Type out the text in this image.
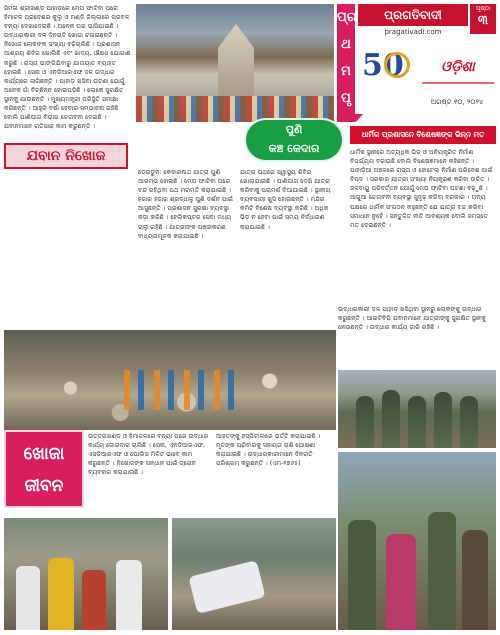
ସିମଳା ଶ୍ରୀଖଣ୍ଡ ପାହାଡ଼ରେ ମେଘ ଫାଟିବା ପରେ ହିମାଚଳ ପ୍ରଦେଶର କୁଲୁ ଓ ମଣ୍ଡି ଜିଲ୍ଲାରେ ପ୍ରବଳ ବନ୍ୟା ଦେଖାଦେଇଛି । ଅନେକ ଘର ଭାସିଯାଇଛି । ଉଦ୍ଧାରକାରୀ ଦଳ ଦିନରାତି ଖୋଜା ଚଳାଇଛନ୍ତି । ନିଖୋଜ ଲୋକଙ୍କ ସଂଖ୍ୟା ବଢ଼ିଚାଲିଛି । ପ୍ରଶାସନ ଆଶ୍ରୟ ଶିବିର ଖୋଲିଛି ଏବଂ ଖାଦ୍ୟ, ଔଷଧ ଯୋଗାଣ କରୁଛି । ରାସ୍ତା ଭାଙ୍ଗିଯିବାରୁ ଯାତାୟାତ ବ୍ୟାହତ ହୋଇଛି । ସେନା ଓ ଏନଡିଆରଏଫ ଦଳ ଉଦ୍ଧାର କାର୍ଯ୍ୟରେ ଲାଗିଛନ୍ତି । ପାହାଡ଼ ଖସିବା ଘଟଣା ଯୋଗୁଁ ଅନେକ ଗାଁ ବିଚ୍ଛିନ୍ନ ହୋଇପଡ଼ିଛି । ଲୋକେ ସୁରକ୍ଷିତ ସ୍ଥାନକୁ ଯାଉଛନ୍ତି । ମୁଖ୍ୟମନ୍ତ୍ରୀ ପରିସ୍ଥିତି ସମୀକ୍ଷା କରିଛନ୍ତି । ଆହୁରି ବର୍ଷା ହେବାର ସମ୍ଭାବନା ରହିଛି ବୋଲି ପାଣିପାଗ ବିଭାଗ ଚେତାବନୀ ଦେଇଛି । ଯବାନମାନେ ରାତିସାରା କାମ କରୁଛନ୍ତି ।

ପ୍ର
ଥ
ମ
ପୃ
ପ୍ରଗତିବାଦୀ	ପୃଷ୍ଠା
୩
pragativadi.com
50	ଓଡ଼ିଶା
ଅଗଷ୍ଟ ୧୦, ୨୦୨୪
ଯବାନ ନିଖୋଜ
ପୁଣି
କଞ୍ଚ କେଦାର
ଧାର୍ମିକ ପ୍ରଶାସନେ ବିଶେଷଜ୍ଞଙ୍କ ଭିନ୍ନ ମତ

ଡେରାଡୁନ: କେଦାରନାଥ ଯାତ୍ରା ପୁଣି ଆରମ୍ଭ ହୋଇଛି । ମେଘ ଫାଟିବା ପରେ ବନ୍ଦ ରହିଥିବା ପଥ ମରାମତି କରାଯାଇଛି । ହଜାର ହଜାର ଶ୍ରଦ୍ଧାଳୁ ପୁଣି ଦର୍ଶନ ପାଇଁ ଆସୁଛନ୍ତି । ପ୍ରଶାସନ ସୁରକ୍ଷା ବ୍ୟବସ୍ଥା କଡ଼ା କରିଛି । ହେଲିକପ୍ଟର ସେବା ମଧ୍ୟ ଚାଲୁ ରହିଛି । ଯାତ୍ରୀଙ୍କ ପଞ୍ଜୀକରଣ ବାଧ୍ୟତାମୂଳକ କରାଯାଇଛି ।

ଯାତ୍ରା ପଥରେ ସ୍ୱାସ୍ଥ୍ୟ ଶିବିର ଖୋଲାଯାଇଛି । ପାଣିପାଗ ଦେଖି ଯାତ୍ରା କରିବାକୁ ପରାମର୍ଶ ଦିଆଯାଇଛି । ସ୍ଥାନୀୟ ବ୍ୟବସାୟୀ ଖୁସି ହୋଇଛନ୍ତି । ମନ୍ଦିର କମିଟି ବିଶେଷ ବ୍ୟବସ୍ଥା କରିଛି । ଅଧିକ ଭିଡ଼ ନ ହେବା ପାଇଁ ସମୟ ନିର୍ଦ୍ଧାରଣ କରାଯାଇଛି ।

ଧାର୍ମିକ ସ୍ଥାନରେ ଅତ୍ୟଧିକ ଭିଡ଼ ଓ ଅନିୟନ୍ତ୍ରିତ ନିର୍ମାଣ ବିପର୍ଯ୍ୟୟ ବଢ଼ାଉଛି ବୋଲି ବିଶେଷଜ୍ଞମାନେ କହିଛନ୍ତି । ପାହାଡ଼ିଆ ଅଞ୍ଚଳରେ ରାସ୍ତା ଓ ହୋଟେଲ ନିର୍ମାଣ ପରିବେଶ ପାଇଁ ବିପଦ । ସରକାର ଯାତ୍ରୀ ସଂଖ୍ୟା ନିୟନ୍ତ୍ରଣ କରିବା ଉଚିତ । ଜଳବାୟୁ ପରିବର୍ତ୍ତନ ଯୋଗୁଁ ମେଘ ଫାଟିବା ଘଟଣା ବଢ଼ୁଛି । ଆଗୁଆ ଚେତାବନୀ ବ୍ୟବସ୍ଥା ସୁଦୃଢ଼ କରିବା ଦରକାର । ଅନ୍ୟ ପକ୍ଷରେ ଧାର୍ମିକ ସଂଗଠନ କହୁଛନ୍ତି ଯେ ଯାତ୍ରା ବନ୍ଦ କରିବା ସମାଧାନ ନୁହେଁ । ସନ୍ତୁଳିତ ନୀତି ଆବଶ୍ୟକ ବୋଲି ସମସ୍ତେ ମତ ଦେଇଛନ୍ତି ।

ଉଦ୍ଧାରକାରୀ ଦଳ ପାହାଡ଼ ଖସିଥିବା ସ୍ଥାନରୁ ଲୋକଙ୍କୁ ଉଦ୍ଧାର କରୁଛନ୍ତି । ଆଇଟିବିପି ଯବାନମାନେ ଯାତ୍ରୀଙ୍କୁ ସୁରକ୍ଷିତ ସ୍ଥାନକୁ ନେଉଛନ୍ତି । ଉଦ୍ଧାର କାର୍ଯ୍ୟ ଜାରି ରହିଛି ।

ଖୋଜା
ଜୀବନ

ଉତ୍ତରାଖଣ୍ଡ ଓ ହିମାଚଳରେ ବନ୍ୟା ପରେ ଉଦ୍ଧାର କାର୍ଯ୍ୟ ଜୋରଦାର ଚାଲିଛି । ସେନା, ଏନଡିଆରଏଫ, ଏସଡିଆରଏଫ ଓ ପୋଲିସ ମିଳିତ ଭାବେ କାମ କରୁଛନ୍ତି । ନିଖୋଜଙ୍କ ସନ୍ଧାନ ପାଇଁ ଡ୍ରୋନ ବ୍ୟବହାର କରାଯାଉଛି ।

ଆହତଙ୍କୁ ହସ୍ପିଟାଲରେ ଭର୍ତ୍ତି କରାଯାଇଛି । ମୃତଙ୍କ ପରିବାରକୁ ସହାୟତା ରାଶି ଘୋଷଣା କରାଯାଇଛି । ଉଦ୍ଧାରକାରୀମାନେ ଦିନରାତି ପରିଶ୍ରମ କରୁଛନ୍ତି । (ଏମ-୧୭୬୫)
